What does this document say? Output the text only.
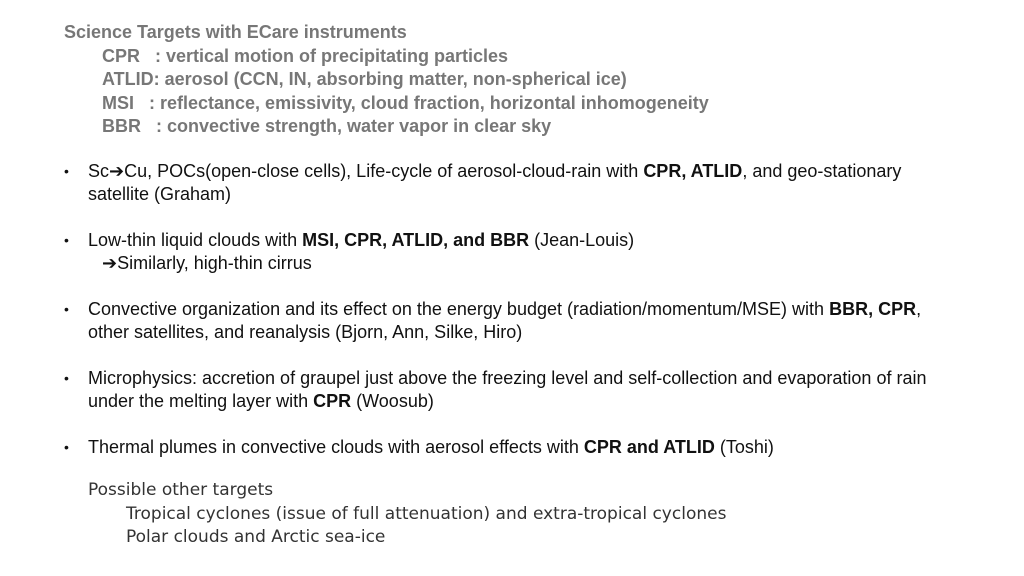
Science Targets with ECare instruments
CPR   : vertical motion of precipitating particles
ATLID: aerosol (CCN, IN, absorbing matter, non-spherical ice)
MSI   : reflectance, emissivity, cloud fraction, horizontal inhomogeneity
BBR   : convective strength, water vapor in clear sky
• Sc➔Cu, POCs(open-close cells), Life-cycle of aerosol-cloud-rain with CPR, ATLID, and geo-stationary satellite (Graham)
• Low-thin liquid clouds with MSI, CPR, ATLID, and BBR (Jean-Louis)
➔Similarly, high-thin cirrus
• Convective organization and its effect on the energy budget (radiation/momentum/MSE) with BBR, CPR, other satellites, and reanalysis (Bjorn, Ann, Silke, Hiro)
• Microphysics: accretion of graupel just above the freezing level and self-collection and evaporation of rain under the melting layer with CPR (Woosub)
• Thermal plumes in convective clouds with aerosol effects with CPR and ATLID (Toshi)
Possible other targets
Tropical cyclones (issue of full attenuation) and extra-tropical cyclones
Polar clouds and Arctic sea-ice
